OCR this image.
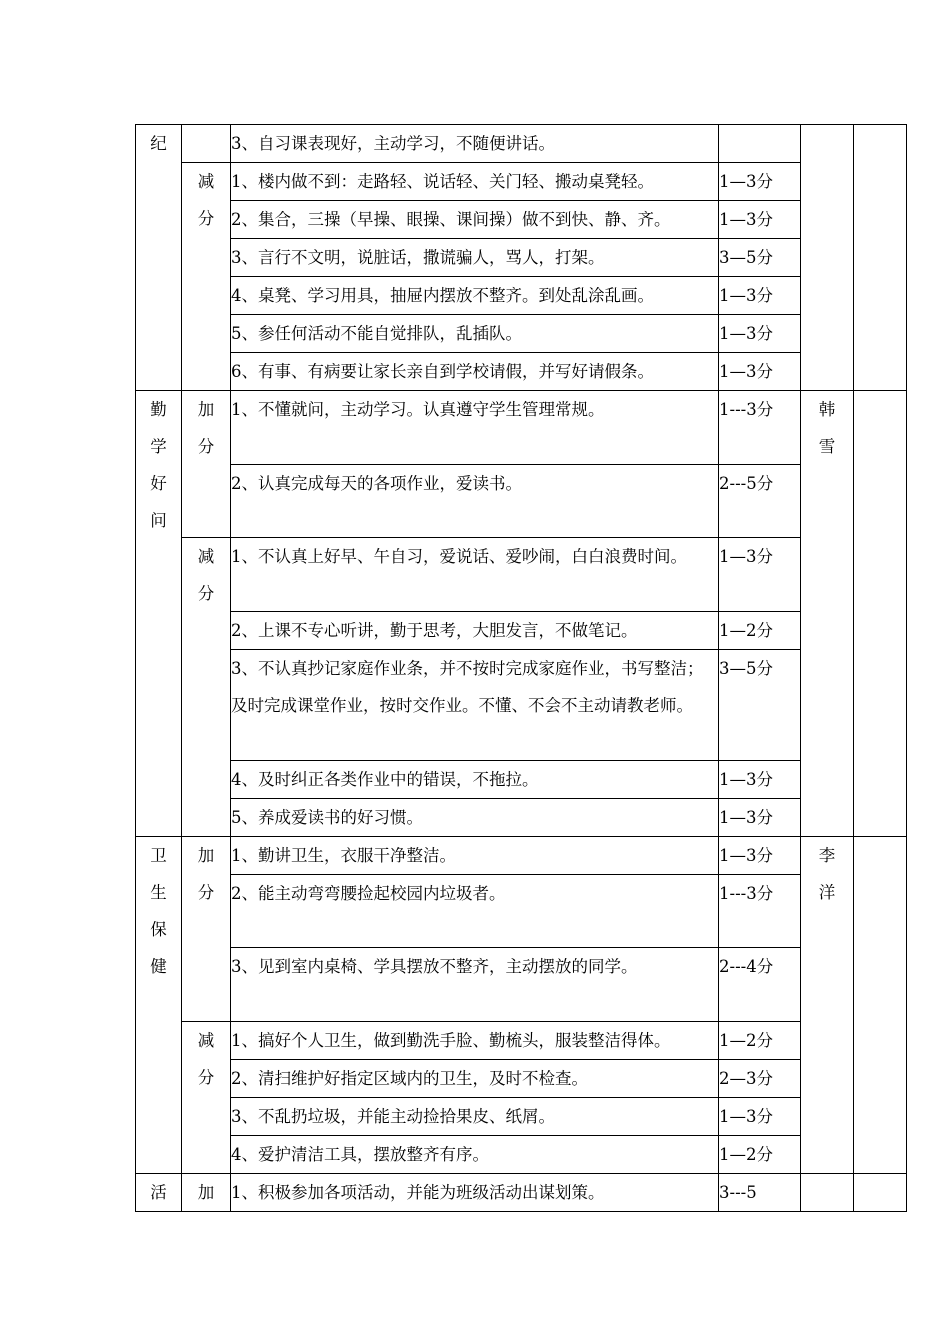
纪		3、自习课表现好，主动学习，不随便讲话。			
	减分	1、楼内做不到：走路轻、说话轻、关门轻、搬动桌凳轻。	1—3分		
		2、集合，三操（早操、眼操、课间操）做不到快、静、齐。	1—3分		
		3、言行不文明，说脏话，撒谎骗人，骂人，打架。	3—5分		
		4、桌凳、学习用具，抽屉内摆放不整齐。到处乱涂乱画。	1—3分		
		5、参任何活动不能自觉排队，乱插队。	1—3分		
		6、有事、有病要让家长亲自到学校请假，并写好请假条。	1—3分		
勤学好问	加分	1、不懂就问，主动学习。认真遵守学生管理常规。	1---3分	韩雪	
		2、认真完成每天的各项作业，爱读书。	2---5分		
	减分	1、不认真上好早、午自习，爱说话、爱吵闹，白白浪费时间。	1—3分		
		2、上课不专心听讲，勤于思考，大胆发言，不做笔记。	1—2分		
		3、不认真抄记家庭作业条，并不按时完成家庭作业，书写整洁；及时完成课堂作业，按时交作业。不懂、不会不主动请教老师。	3—5分		
		4、及时纠正各类作业中的错误，不拖拉。	1—3分		
		5、养成爱读书的好习惯。	1—3分		
卫生保健	加分	1、勤讲卫生，衣服干净整洁。	1—3分	李洋	
		2、能主动弯弯腰捡起校园内垃圾者。	1---3分		
		3、见到室内桌椅、学具摆放不整齐，主动摆放的同学。	2---4分		
	减分	1、搞好个人卫生，做到勤洗手脸、勤梳头，服装整洁得体。	1—2分		
		2、清扫维护好指定区域内的卫生，及时不检查。	2—3分		
		3、不乱扔垃圾，并能主动捡拾果皮、纸屑。	1—3分		
		4、爱护清洁工具，摆放整齐有序。	1—2分		
活	加	1、积极参加各项活动，并能为班级活动出谋划策。	3---5		
